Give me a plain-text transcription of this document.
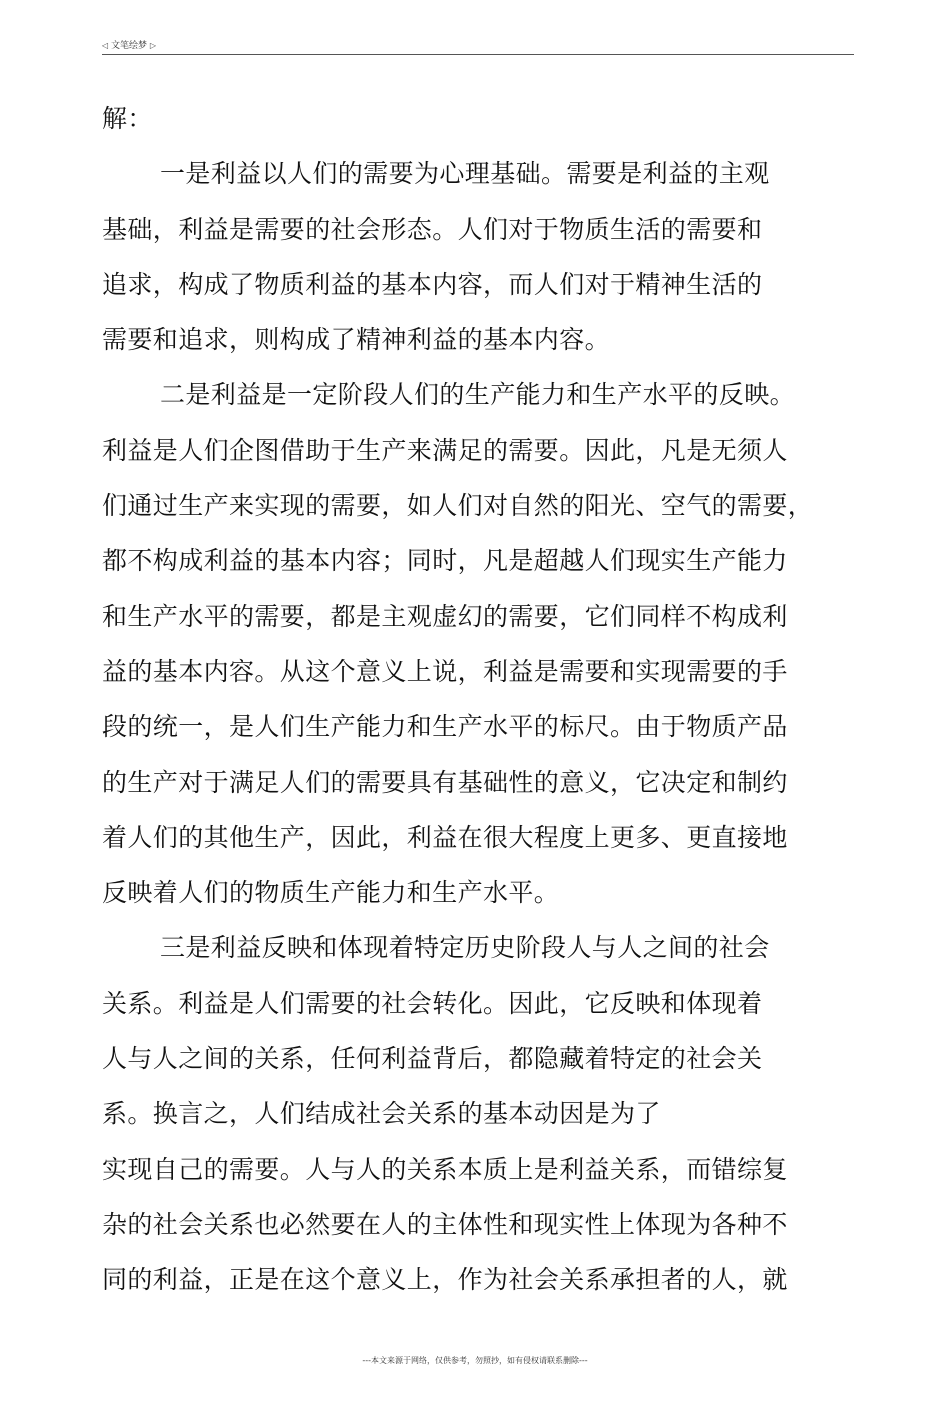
◁ 文笔绘梦 ▷
解：
一是利益以人们的需要为心理基础。需要是利益的主观
基础，利益是需要的社会形态。人们对于物质生活的需要和
追求，构成了物质利益的基本内容，而人们对于精神生活的
需要和追求，则构成了精神利益的基本内容。
二是利益是一定阶段人们的生产能力和生产水平的反映。
利益是人们企图借助于生产来满足的需要。因此，凡是无须人
们通过生产来实现的需要，如人们对自然的阳光、空气的需要，
都不构成利益的基本内容；同时，凡是超越人们现实生产能力
和生产水平的需要，都是主观虚幻的需要，它们同样不构成利
益的基本内容。从这个意义上说，利益是需要和实现需要的手
段的统一，是人们生产能力和生产水平的标尺。由于物质产品
的生产对于满足人们的需要具有基础性的意义，它决定和制约
着人们的其他生产，因此，利益在很大程度上更多、更直接地
反映着人们的物质生产能力和生产水平。
三是利益反映和体现着特定历史阶段人与人之间的社会
关系。利益是人们需要的社会转化。因此，它反映和体现着
人与人之间的关系，任何利益背后，都隐藏着特定的社会关
系。换言之，人们结成社会关系的基本动因是为了
实现自己的需要。人与人的关系本质上是利益关系，而错综复
杂的社会关系也必然要在人的主体性和现实性上体现为各种不
同的利益，正是在这个意义上，作为社会关系承担者的人，就
---本文来源于网络，仅供参考，勿照抄，如有侵权请联系删除---
